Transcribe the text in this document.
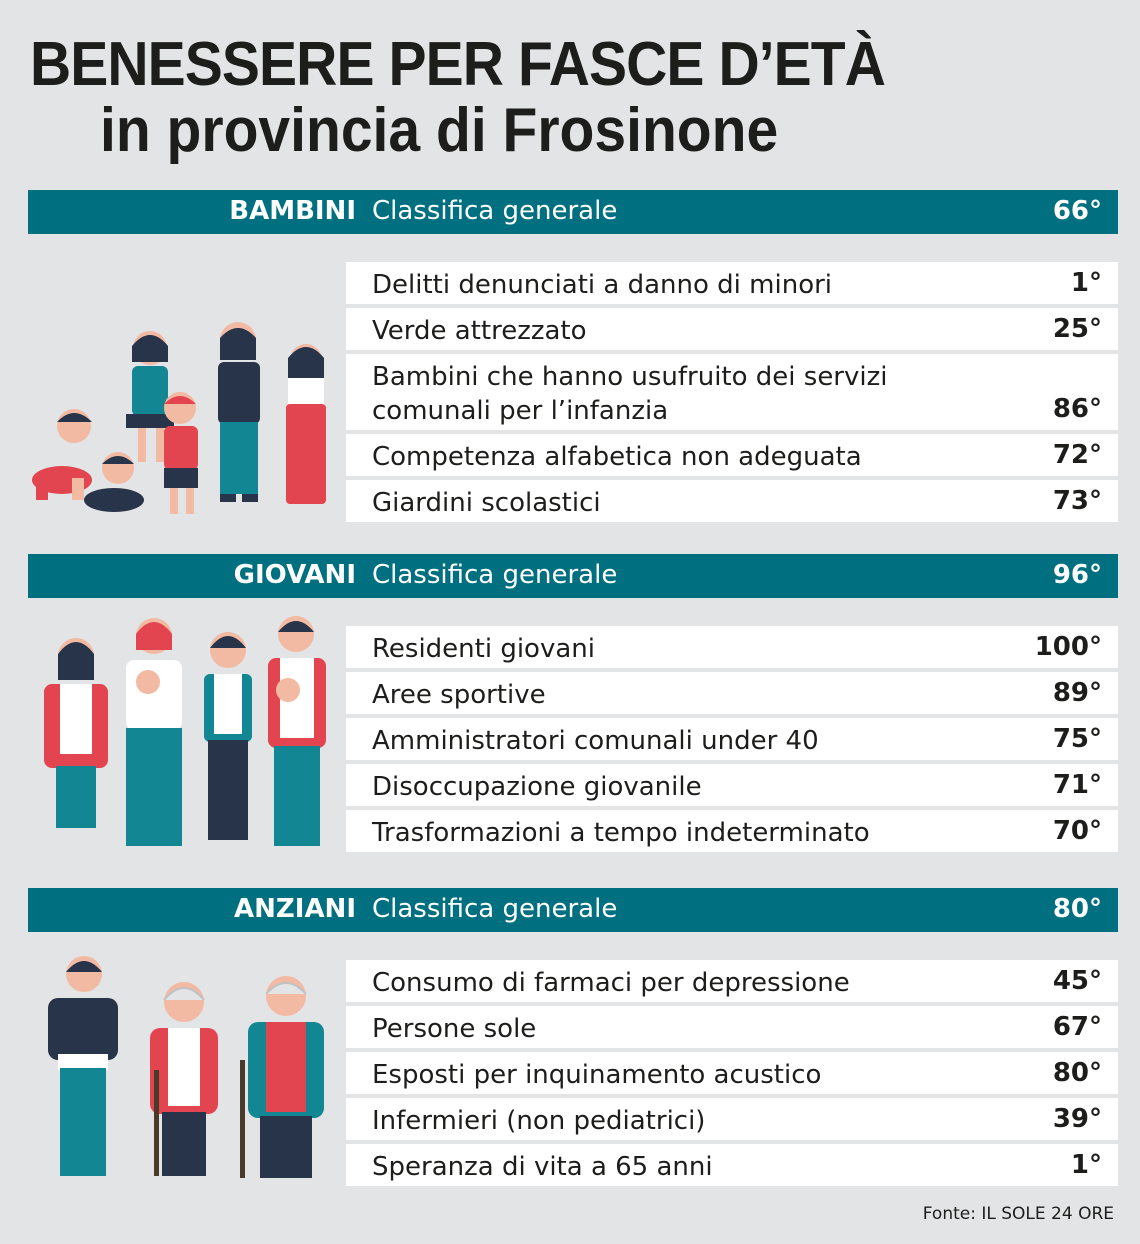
BENESSERE PER FASCE D’ETÀ
in provincia di Frosinone
BAMBINI Classifica generale	66°
Delitti denunciati a danno di minori	1°
Verde attrezzato	25°
Bambini che hanno usufruito dei servizi
comunali per l’infanzia	86°
Competenza alfabetica non adeguata	72°
Giardini scolastici	73°
GIOVANI Classifica generale	96°
Residenti giovani	100°
Aree sportive	89°
Amministratori comunali under 40	75°
Disoccupazione giovanile	71°
Trasformazioni a tempo indeterminato	70°
ANZIANI Classifica generale	80°
Consumo di farmaci per depressione	45°
Persone sole	67°
Esposti per inquinamento acustico	80°
Infermieri (non pediatrici)	39°
Speranza di vita a 65 anni	1°
Fonte: IL SOLE 24 ORE
